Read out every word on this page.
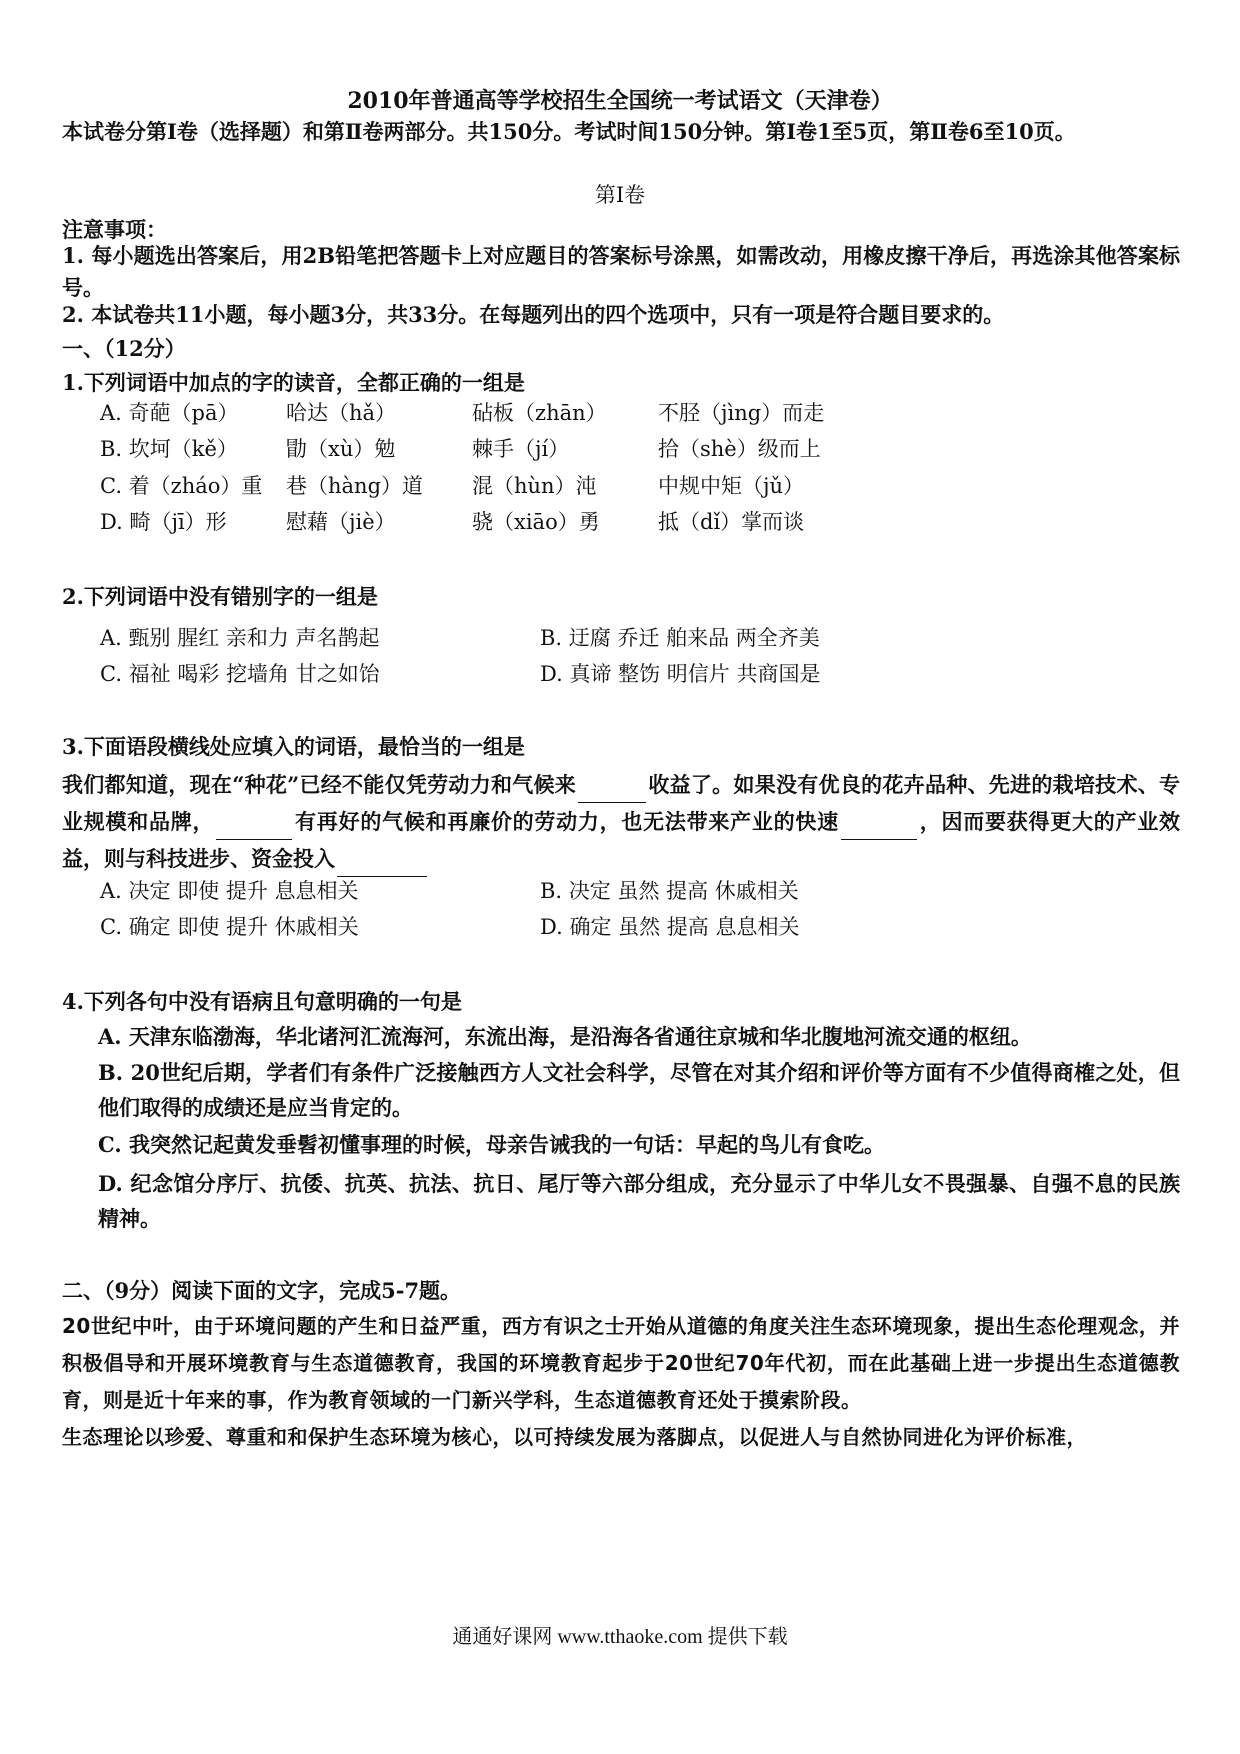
2010年普通高等学校招生全国统一考试语文（天津卷）
本试卷分第Ⅰ卷（选择题）和第Ⅱ卷两部分。共150分。考试时间150分钟。第Ⅰ卷1至5页，第Ⅱ卷6至10页。
第Ⅰ卷
注意事项：
1. 每小题选出答案后，用2B铅笔把答题卡上对应题目的答案标号涂黑，如需改动，用橡皮擦干净后，再选涂其他答案标号。
2. 本试卷共11小题，每小题3分，共33分。在每题列出的四个选项中，只有一项是符合题目要求的。
一、（12分）
1.下列词语中加点的字的读音，全都正确的一组是
A. 奇葩（pā） 哈达（hǎ）	砧板（zhān） 不胫（jìng）而走
B. 坎坷（kě） 勖（xù）勉	棘手（jí）	拾（shè）级而上
C. 着（zháo）重 巷（hàng）道 混（hùn）沌	中规中矩（jǔ）
D. 畸（jī）形	慰藉（jiè）	骁（xiāo）勇	抵（dǐ）掌而谈
2.下列词语中没有错别字的一组是
A. 甄别 腥红 亲和力 声名鹊起	B. 迂腐 乔迁 舶来品 两全齐美
C. 福祉 喝彩 挖墙角 甘之如饴	D. 真谛 整饬 明信片 共商国是
3.下面语段横线处应填入的词语，最恰当的一组是
我们都知道，现在“种花”已经不能仅凭劳动力和气候来	收益了。如果没有优良的花卉品种、先进的栽培技术、专业规模和品牌，	有再好的气候和再廉价的劳动力，也无法带来产业的快速	，因而要获得更大的产业效益，则与科技进步、资金投入
A. 决定 即使 提升 息息相关	B. 决定 虽然 提高 休戚相关
C. 确定 即使 提升 休戚相关	D. 确定 虽然 提高 息息相关
4.下列各句中没有语病且句意明确的一句是
A. 天津东临渤海，华北诸河汇流海河，东流出海，是沿海各省通往京城和华北腹地河流交通的枢纽。
B. 20世纪后期，学者们有条件广泛接触西方人文社会科学，尽管在对其介绍和评价等方面有不少值得商榷之处，但他们取得的成绩还是应当肯定的。
C. 我突然记起黄发垂髫初懂事理的时候，母亲告诫我的一句话：早起的鸟儿有食吃。
D. 纪念馆分序厅、抗倭、抗英、抗法、抗日、尾厅等六部分组成，充分显示了中华儿女不畏强暴、自强不息的民族精神。
二、（9分）阅读下面的文字，完成5-7题。
20世纪中叶，由于环境问题的产生和日益严重，西方有识之士开始从道德的角度关注生态环境现象，提出生态伦理观念，并积极倡导和开展环境教育与生态道德教育，我国的环境教育起步于20世纪70年代初，而在此基础上进一步提出生态道德教育，则是近十年来的事，作为教育领域的一门新兴学科，生态道德教育还处于摸索阶段。
生态理论以珍爱、尊重和和保护生态环境为核心，以可持续发展为落脚点，以促进人与自然协同进化为评价标准，
通通好课网 www.tthaoke.com 提供下载
